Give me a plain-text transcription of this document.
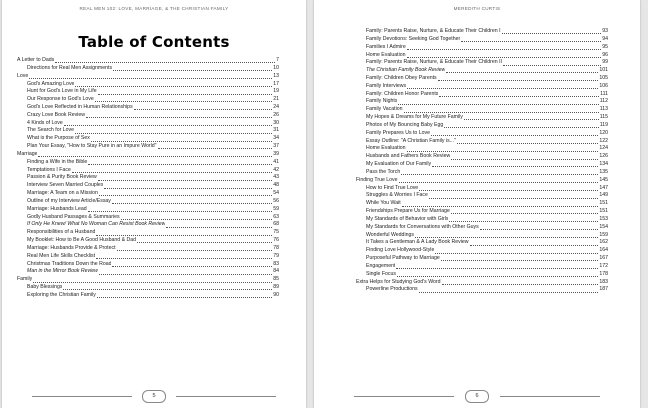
REAL MEN 102: LOVE, MARRIAGE, & THE CHRISTIAN FAMILY
Table of Contents
A Letter to Dads	7
Directions for Real Men Assignments	10
Love	13
God's Amazing Love	17
Hunt for God's Love in My Life	19
Our Response to God's Love	21
God's Love Reflected in Human Relationships	24
Crazy Love Book Review	26
4 Kinds of Love	30
The Search for Love	31
What is the Purpose of Sex	34
Plan Your Essay, "How to Stay Pure in an Impure World"	37
Marriage	39
Finding a Wife in the Bible	41
Temptations I Face	42
Passion & Purity Book Review	43
Interview Seven Married Couples	48
Marriage: A Team on a Mission	54
Outline of my Interview Article/Essay	56
Marriage: Husbands Lead	59
Godly Husband Passages & Summaries	63
If Only He Knew/ What No Woman Can Resist Book Review	68
Responsibilities of a Husband	75
My Booklet: How to Be A Good Husband & Dad	76
Marriage: Husbands Provide & Protect	78
Real Men Life Skills Checklist	79
Christmas Traditions Down the Road	83
Man in the Mirror Book Review	84
Family	85
Baby Blessings	89
Exploring the Christian Family	90
5
MEREDITH CURTIS
Family: Parents Raise, Nurture, & Educate Their Children I	93
Family Devotions: Seeking God Together	94
Families I Admire	95
Home Evaluation	96
Family: Parents Raise, Nurture, & Educate Their Children II	99
The Christian Family Book Review	101
Family: Children Obey Parents	105
Family Interviews	106
Family: Children Honor Parents	111
Family Nights	112
Family Vacation	113
My Hopes & Dreams for My Future Family	115
Photos of My Bouncing Baby Egg	119
Family Prepares Us to Love	120
Essay Outline: "A Christian Family is..."	122
Home Evaluation	124
Husbands and Fathers Book Review	126
My Evaluation of Our Family	134
Pass the Torch	135
Finding True Love	145
How to Find True Love	147
Struggles & Worries I Face	149
While You Wait	151
Friendships Prepare Us for Marriage	151
My Standards of Behavior with Girls	153
My Standards for Conversations with Other Guys	154
Wonderful Weddings	159
It Takes a Gentleman & A Lady Book Review	162
Finding Love Hollywood-Style	164
Purposeful Pathway to Marriage	167
Engagement	172
Single Focus	178
Extra Helps for Studying God's Word	183
Powerline Productions	187
6
